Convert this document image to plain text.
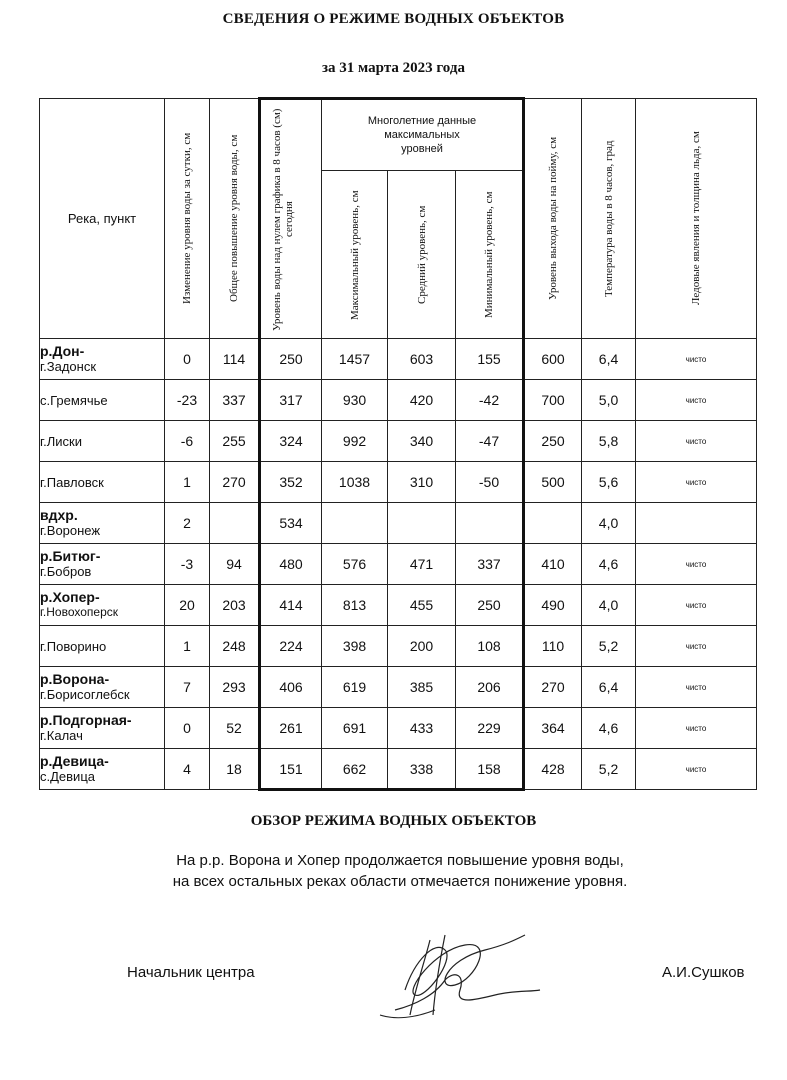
СВЕДЕНИЯ О РЕЖИМЕ ВОДНЫХ ОБЪЕКТОВ
за 31 марта 2023 года
Река, пункт	Изменение уровня воды за сутки, см	Общее повышение уровня воды, см	Уровень воды над нулем графика в 8 часов (см) сегодня	Многолетние данные максимальных уровней			Уровень выхода воды на пойму, см	Температура воды в 8 часов, град	Ледовые явления и толщина льда, см

				Максимальный уровень, см	Средний уровень, см	Минимальный уровень, см			

р.Дон-
г.Задонск	0	114	250	1457	603	155	600	6,4	чисто

с.Гремячье	-23	337	317	930	420	-42	700	5,0	чисто

г.Лиски	-6	255	324	992	340	-47	250	5,8	чисто

г.Павловск	1	270	352	1038	310	-50	500	5,6	чисто

вдхр.
г.Воронеж	2		534					4,0	

р.Битюг-
г.Бобров	-3	94	480	576	471	337	410	4,6	чисто

р.Хопер-
г.Новохоперск	20	203	414	813	455	250	490	4,0	чисто

г.Поворино	1	248	224	398	200	108	110	5,2	чисто

р.Ворона-
г.Борисоглебск	7	293	406	619	385	206	270	6,4	чисто

р.Подгорная-
г.Калач	0	52	261	691	433	229	364	4,6	чисто

р.Девица-
с.Девица	4	18	151	662	338	158	428	5,2	чисто
ОБЗОР РЕЖИМА ВОДНЫХ ОБЪЕКТОВ
На р.р. Ворона и Хопер продолжается повышение уровня воды,
на всех остальных реках области отмечается понижение уровня.
Начальник центра	А.И.Сушков
